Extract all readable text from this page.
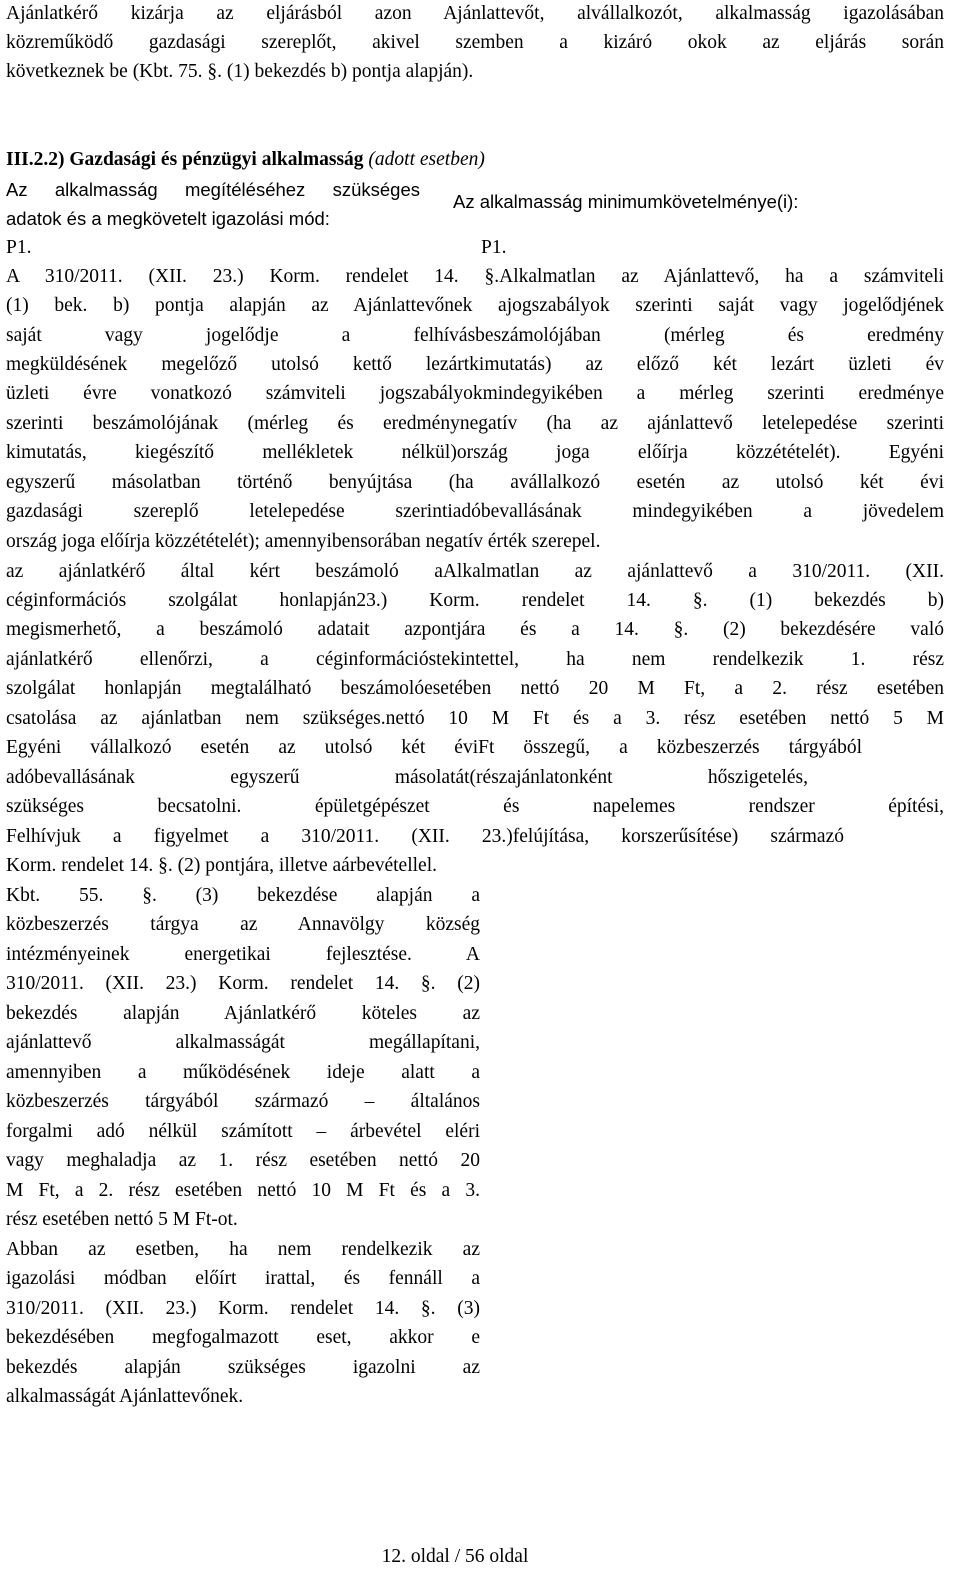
Ajánlatkérő kizárja az eljárásból azon Ajánlattevőt, alvállalkozót, alkalmasság igazolásában
közreműködő gazdasági szereplőt, akivel szemben a kizáró okok az eljárás során
következnek be (Kbt. 75. §. (1) bekezdés b) pontja alapján).
III.2.2) Gazdasági és pénzügyi alkalmasság (adott esetben)
Az alkalmasság megítéléséhez szükséges
adatok és a megkövetelt igazolási mód:
Az alkalmasság minimumkövetelménye(i):
P1.	P1.
A 310/2011. (XII. 23.) Korm. rendelet 14. §.Alkalmatlan az Ajánlattevő, ha a számviteli
(1) bek. b) pontja alapján az Ajánlattevőnek ajogszabályok szerinti saját vagy jogelődjének
saját vagy jogelődje a felhívásbeszámolójában (mérleg és eredmény
megküldésének megelőző utolsó kettő lezártkimutatás) az előző két lezárt üzleti év
üzleti évre vonatkozó számviteli jogszabályokmindegyikében a mérleg szerinti eredménye
szerinti beszámolójának (mérleg és eredménynegatív (ha az ajánlattevő letelepedése szerinti
kimutatás, kiegészítő mellékletek nélkül)ország joga előírja közzétételét). Egyéni
egyszerű másolatban történő benyújtása (ha avállalkozó esetén az utolsó két évi
gazdasági szereplő letelepedése szerintiadóbevallásának mindegyikében a jövedelem
ország joga előírja közzétételét); amennyibensorában negatív érték szerepel.
az ajánlatkérő által kért beszámoló aAlkalmatlan az ajánlattevő a 310/2011. (XII.
céginformációs szolgálat honlapján23.) Korm. rendelet 14. §. (1) bekezdés b)
megismerhető, a beszámoló adatait azpontjára és a 14. §. (2) bekezdésére való
ajánlatkérő ellenőrzi, a céginformációstekintettel, ha nem rendelkezik 1. rész
szolgálat honlapján megtalálható beszámolóesetében nettó 20 M Ft, a 2. rész esetében
csatolása az ajánlatban nem szükséges.nettó 10 M Ft és a 3. rész esetében nettó 5 M
Egyéni vállalkozó esetén az utolsó két éviFt összegű, a közbeszerzés tárgyából
adóbevallásának egyszerű másolatát(részajánlatonként hőszigetelés,
szükséges becsatolni. épületgépészet és napelemes rendszer építési,
Felhívjuk a figyelmet a 310/2011. (XII. 23.)felújítása, korszerűsítése) származó
Korm. rendelet 14. §. (2) pontjára, illetve aárbevétellel.
Kbt. 55. §. (3) bekezdése alapján a
közbeszerzés tárgya az Annavölgy község
intézményeinek energetikai fejlesztése. A
310/2011. (XII. 23.) Korm. rendelet 14. §. (2)
bekezdés alapján Ajánlatkérő köteles az
ajánlattevő alkalmasságát megállapítani,
amennyiben a működésének ideje alatt a
közbeszerzés tárgyából származó – általános
forgalmi adó nélkül számított – árbevétel eléri
vagy meghaladja az 1. rész esetében nettó 20
M Ft, a 2. rész esetében nettó 10 M Ft és a 3.
rész esetében nettó 5 M Ft-ot.
Abban az esetben, ha nem rendelkezik az
igazolási módban előírt irattal, és fennáll a
310/2011. (XII. 23.) Korm. rendelet 14. §. (3)
bekezdésében megfogalmazott eset, akkor e
bekezdés alapján szükséges igazolni az
alkalmasságát Ajánlattevőnek.
12. oldal / 56 oldal
